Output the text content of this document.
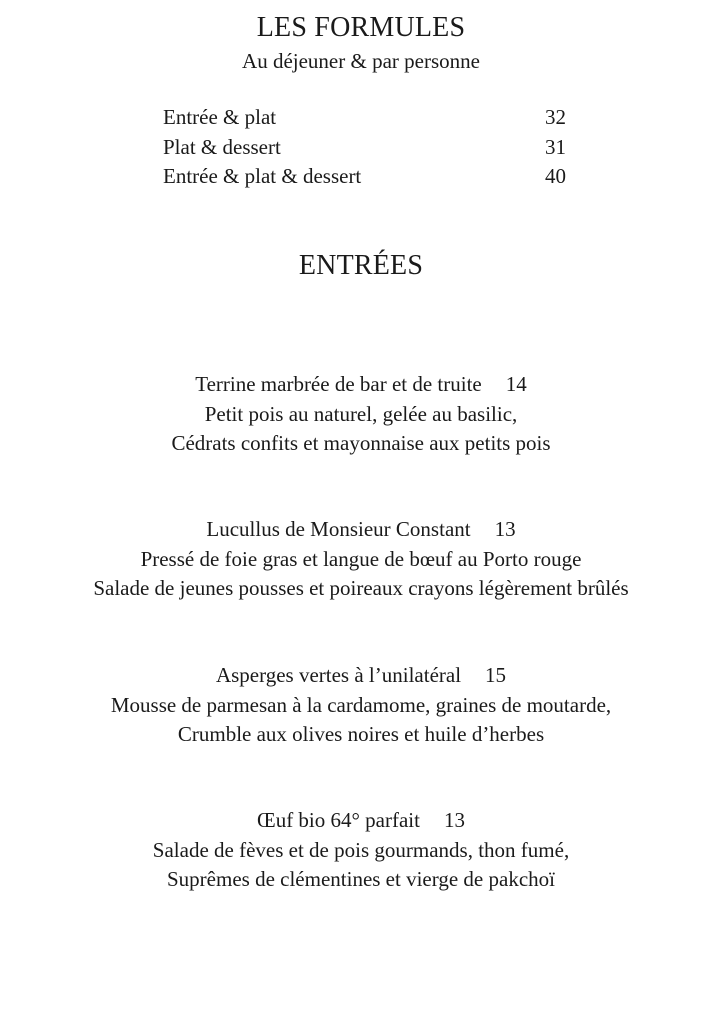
LES FORMULES
Au déjeuner & par personne
Entrée & plat	32
Plat & dessert	31
Entrée & plat & dessert	40
ENTRÉES
Terrine marbrée de bar et de truite 14
Petit pois au naturel, gelée au basilic,
Cédrats confits et mayonnaise aux petits pois
Lucullus de Monsieur Constant 13
Pressé de foie gras et langue de bœuf au Porto rouge
Salade de jeunes pousses et poireaux crayons légèrement brûlés
Asperges vertes à l’unilatéral 15
Mousse de parmesan à la cardamome, graines de moutarde,
Crumble aux olives noires et huile d’herbes
Œuf bio 64° parfait 13
Salade de fèves et de pois gourmands, thon fumé,
Suprêmes de clémentines et vierge de pakchoï
